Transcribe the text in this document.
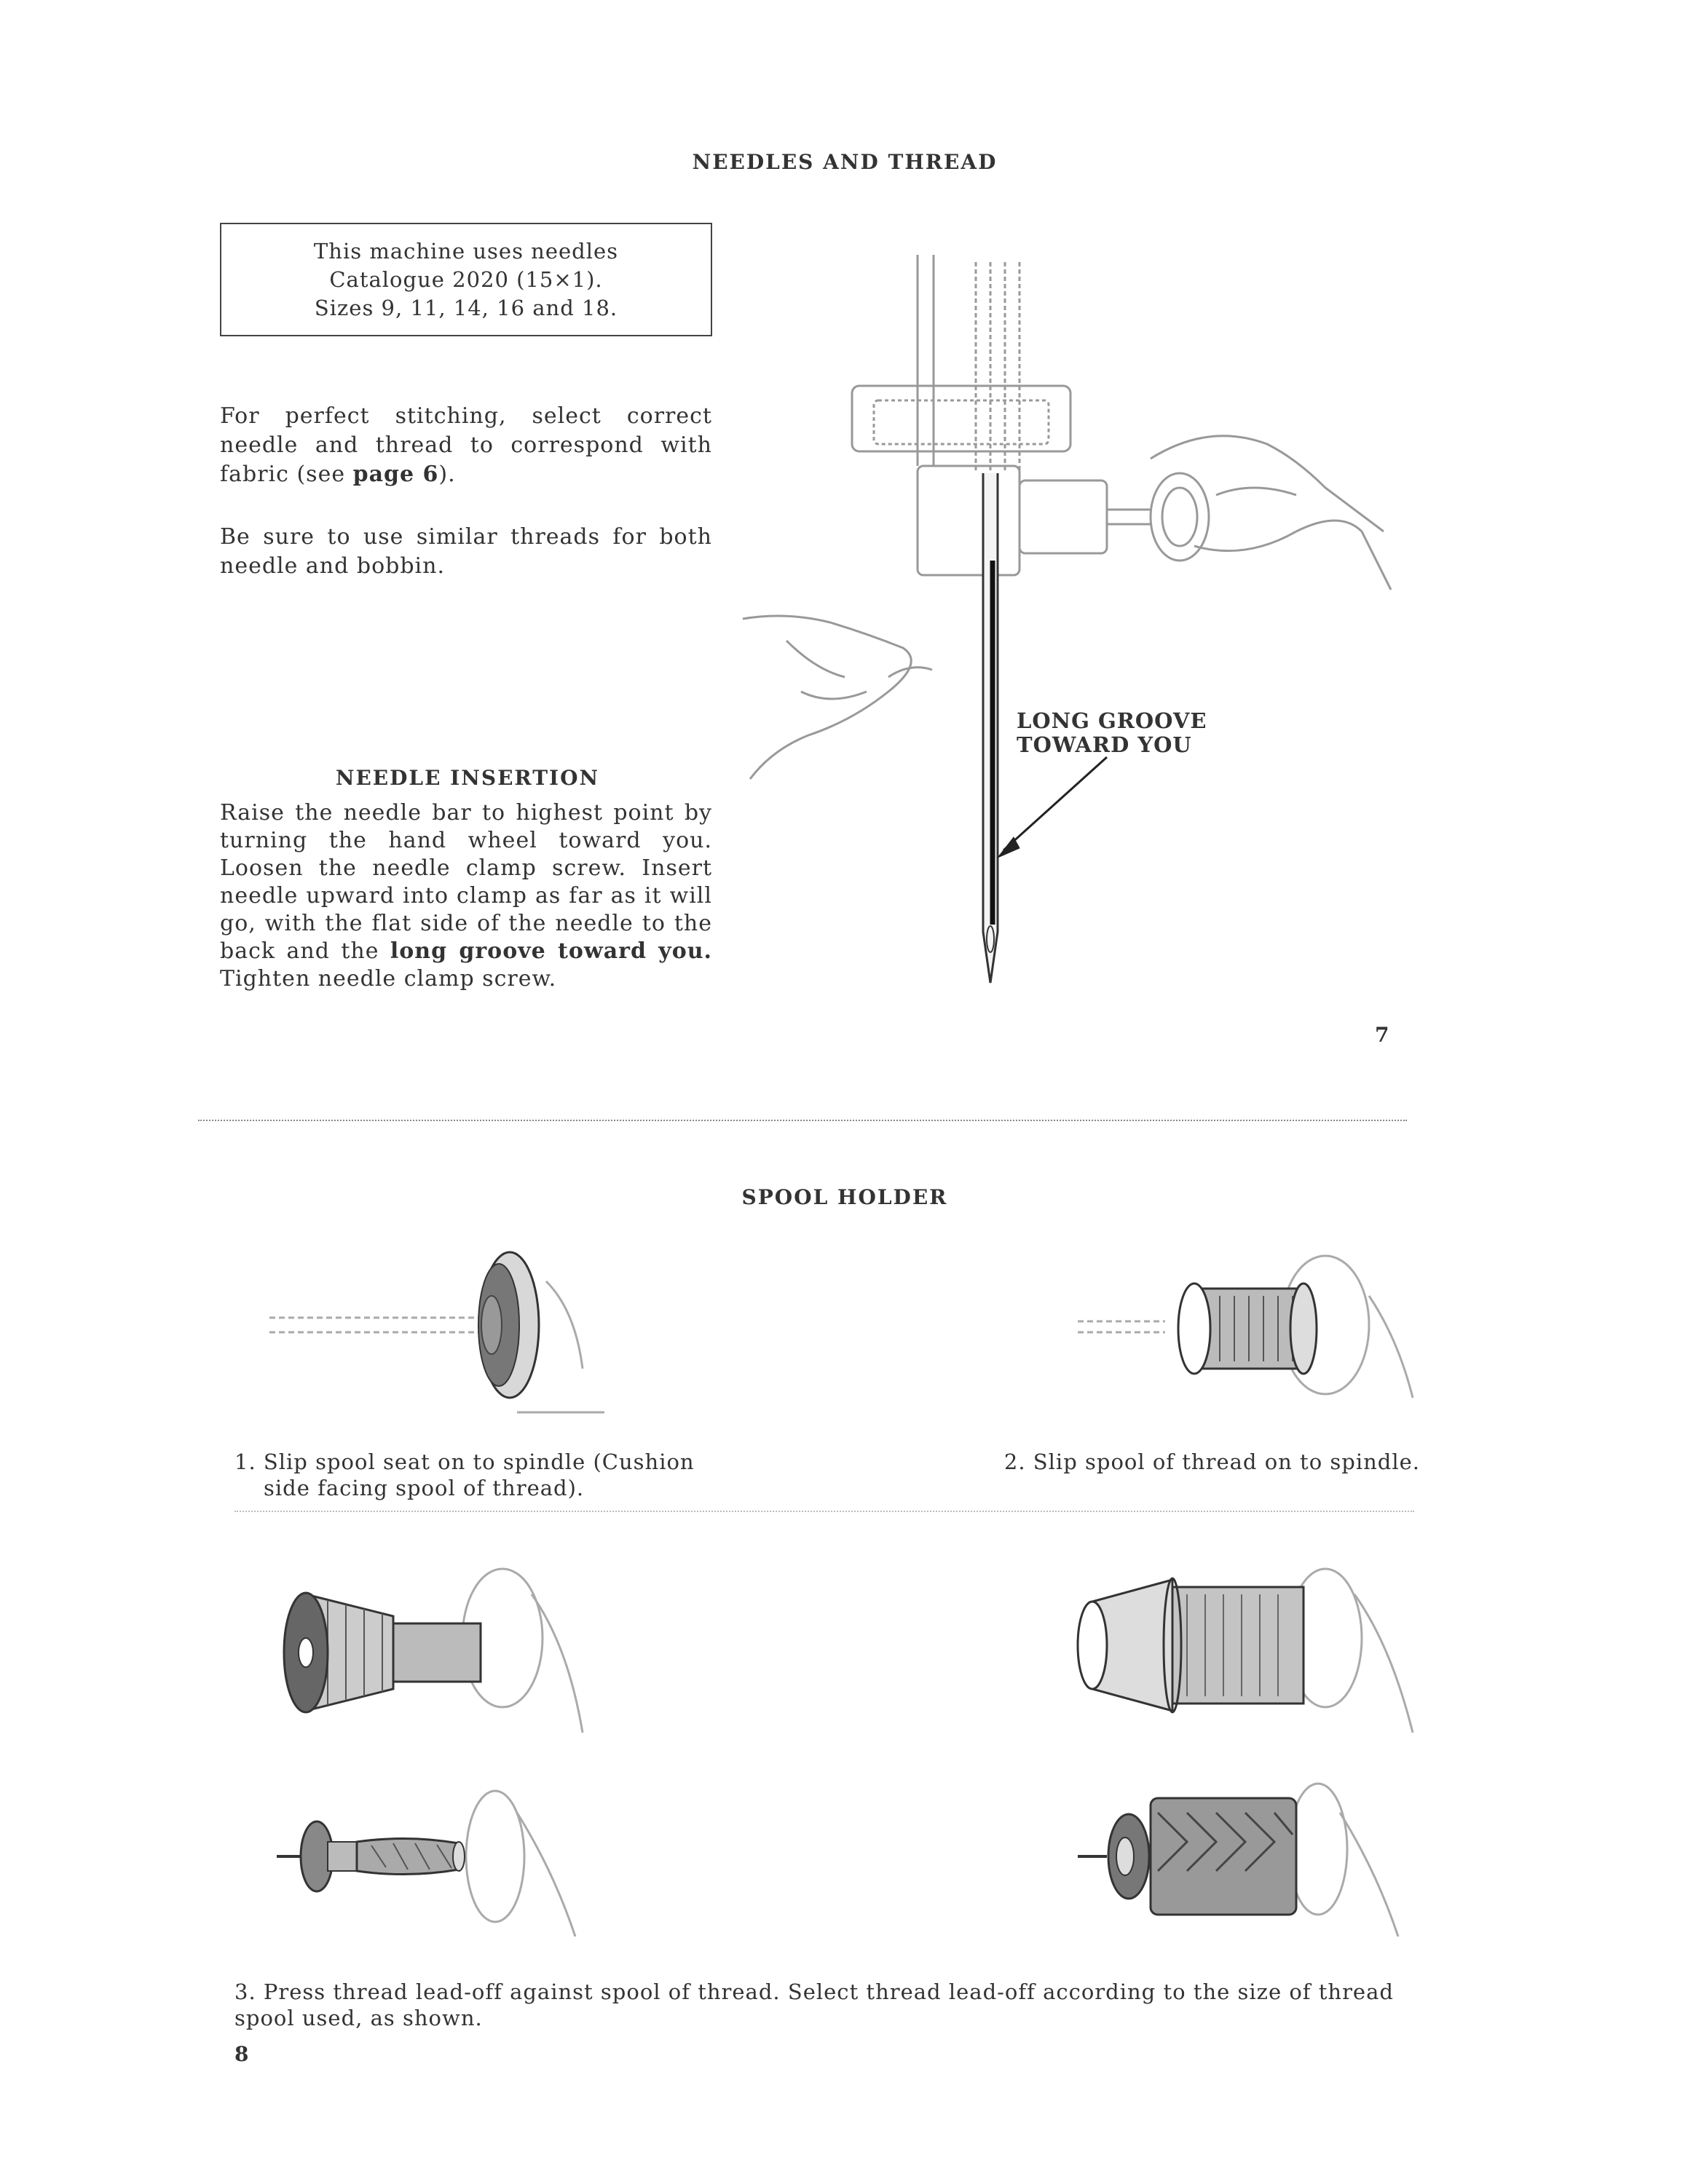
NEEDLES AND THREAD
This machine uses needles
Catalogue 2020 (15×1).
Sizes 9, 11, 14, 16 and 18.
For perfect stitching, select correct needle and thread to correspond with fabric (see page 6).
Be sure to use similar threads for both needle and bobbin.
NEEDLE INSERTION
Raise the needle bar to highest point by turning the hand wheel toward you. Loosen the needle clamp screw. Insert needle upward into clamp as far as it will go, with the flat side of the needle to the back and the long groove toward you. Tighten needle clamp screw.
LONG GROOVE
TOWARD YOU
7
SPOOL HOLDER
1. Slip spool seat on to spindle (Cushion
side facing spool of thread).
2. Slip spool of thread on to spindle.
3. Press thread lead-off against spool of thread. Select thread lead-off according to the size of thread
spool used, as shown.
8
